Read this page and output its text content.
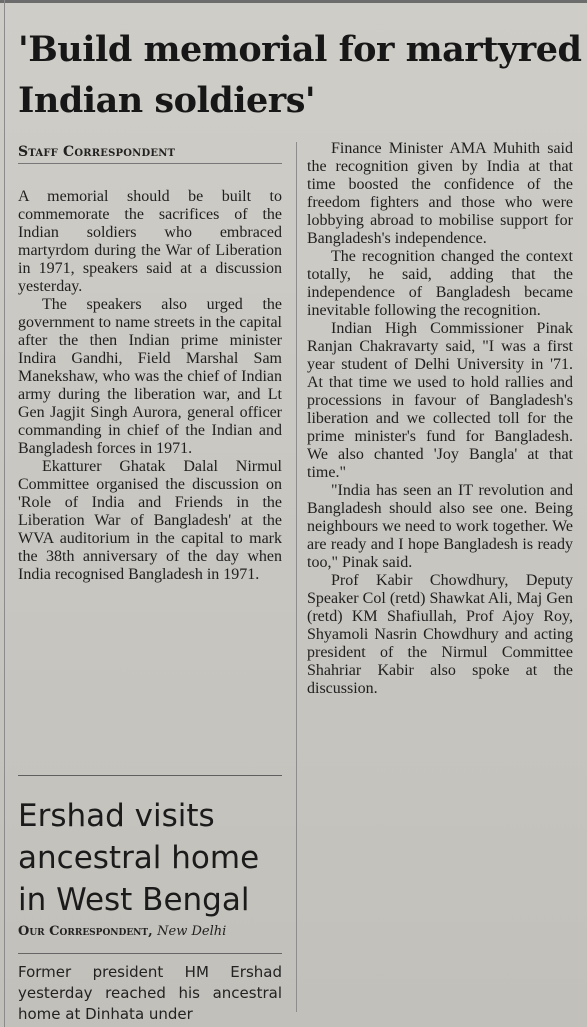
'Build memorial for martyred Indian soldiers'
Staff Correspondent

A memorial should be built to commemorate the sacrifices of the Indian soldiers who embraced martyrdom during the War of Liberation in 1971, speakers said at a discussion yesterday.

The speakers also urged the government to name streets in the capital after the then Indian prime minister Indira Gandhi, Field Marshal Sam Manekshaw, who was the chief of Indian army during the liberation war, and Lt Gen Jagjit Singh Aurora, general officer commanding in chief of the Indian and Bangladesh forces in 1971.

Ekatturer Ghatak Dalal Nirmul Committee organised the discussion on 'Role of India and Friends in the Liberation War of Bangladesh' at the WVA auditorium in the capital to mark the 38th anniversary of the day when India recognised Bangladesh in 1971.

Finance Minister AMA Muhith said the recognition given by India at that time boosted the confidence of the freedom fighters and those who were lobbying abroad to mobilise support for Bangladesh's independence.

The recognition changed the context totally, he said, adding that the independence of Bangladesh became inevitable following the recognition.

Indian High Commissioner Pinak Ranjan Chakravarty said, "I was a first year student of Delhi University in '71. At that time we used to hold rallies and processions in favour of Bangladesh's liberation and we collected toll for the prime minister's fund for Bangladesh. We also chanted 'Joy Bangla' at that time."

"India has seen an IT revolution and Bangladesh should also see one. Being neighbours we need to work together. We are ready and I hope Bangladesh is ready too," Pinak said.

Prof Kabir Chowdhury, Deputy Speaker Col (retd) Shawkat Ali, Maj Gen (retd) KM Shafiullah, Prof Ajoy Roy, Shyamoli Nasrin Chowdhury and acting president of the Nirmul Committee Shahriar Kabir also spoke at the discussion.

Ershad visits ancestral home in West Bengal
Our Correspondent, New Delhi
Former president HM Ershad yesterday reached his ancestral home at Dinhata under
